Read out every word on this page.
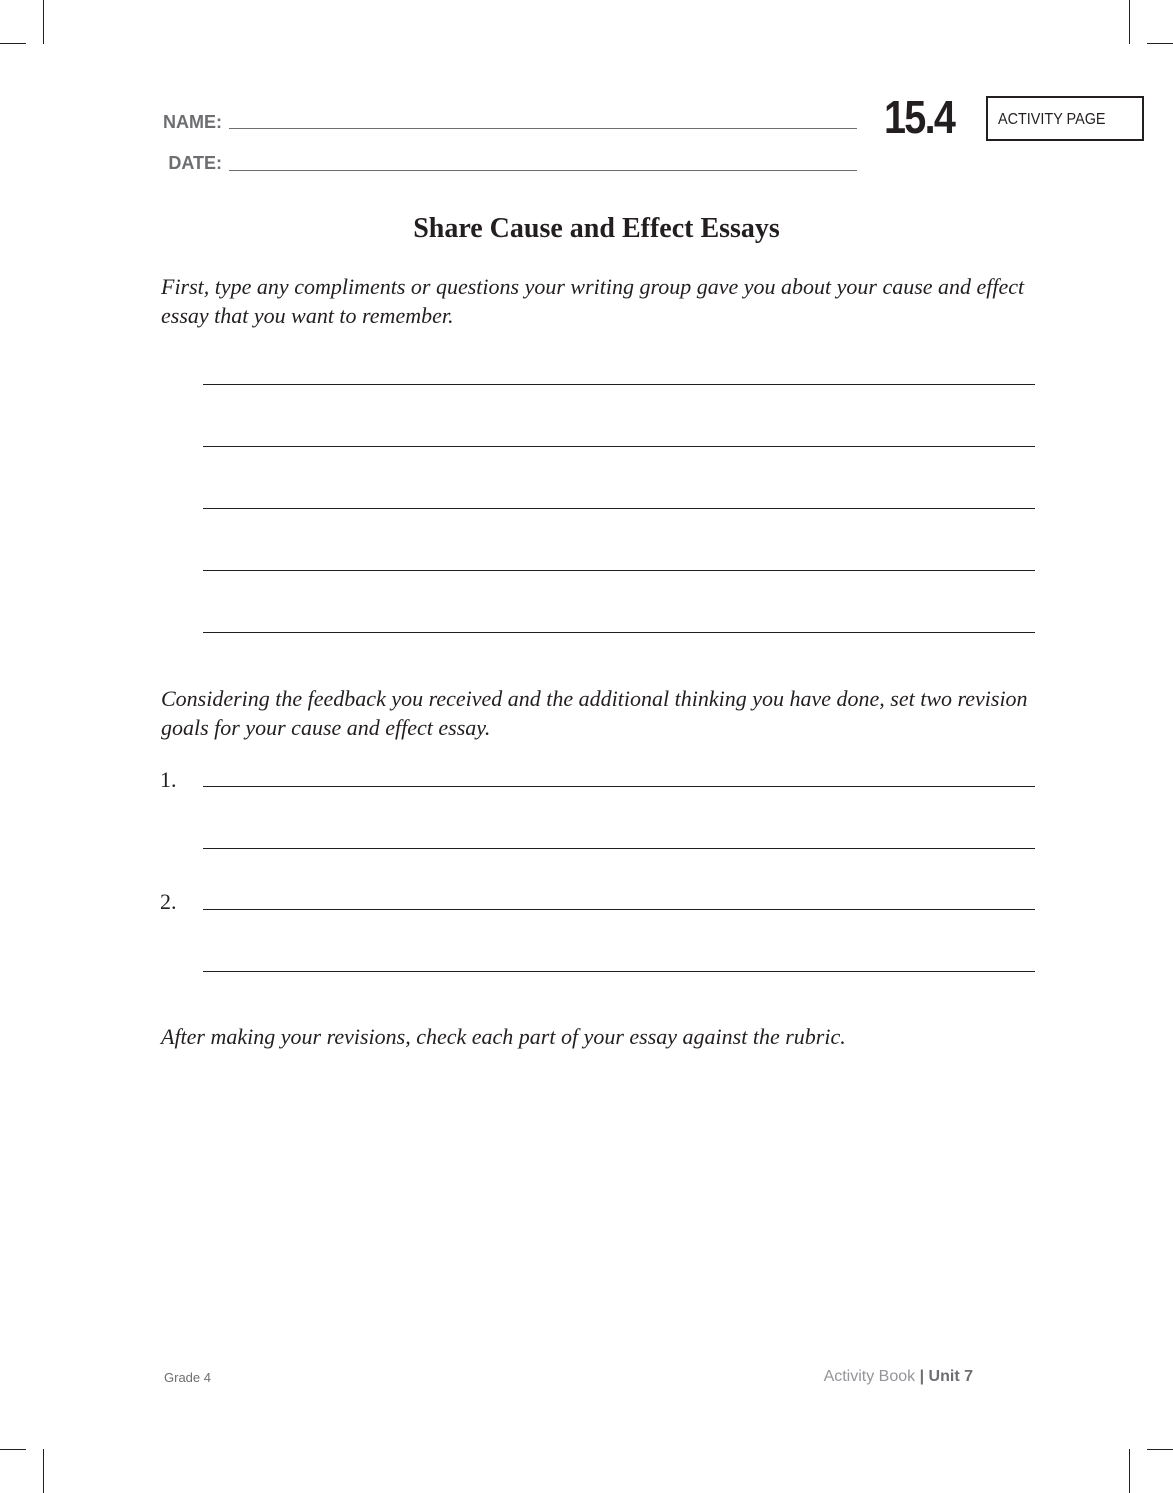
NAME:
DATE:
15.4	ACTIVITY PAGE
Share Cause and Effect Essays
First, type any compliments or questions your writing group gave you about your cause and effect essay that you want to remember.
Considering the feedback you received and the additional thinking you have done, set two revision goals for your cause and effect essay.
1.
2.
After making your revisions, check each part of your essay against the rubric.
Grade 4	Activity Book | Unit 7
